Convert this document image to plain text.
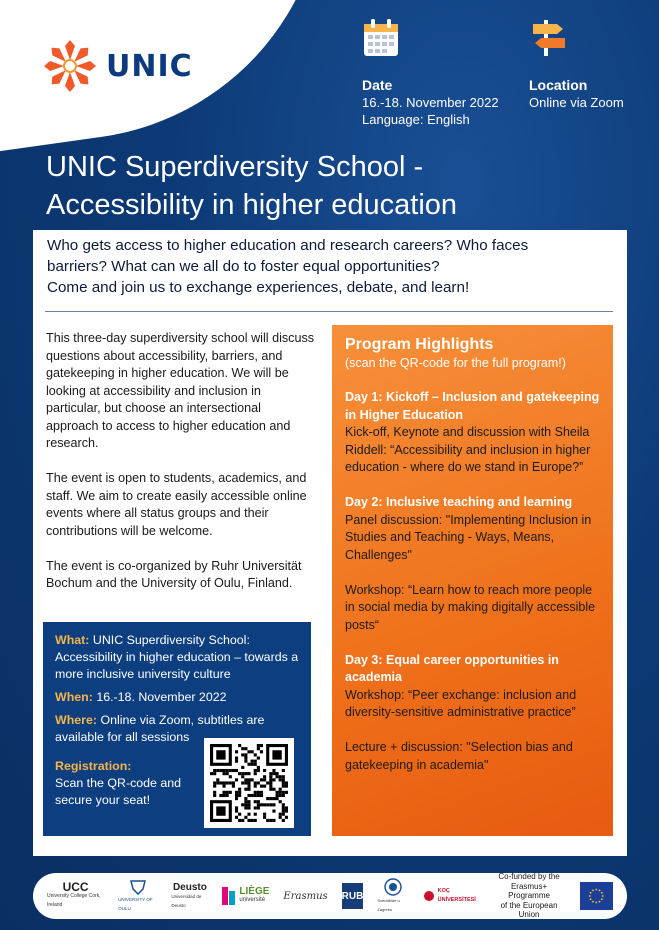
UNIC
Date
16.-18. November 2022
Language: English
Location
Online via Zoom
UNIC Superdiversity School -
Accessibility in higher education
Who gets access to higher education and research careers? Who faces
barriers? What can we all do to foster equal opportunities?
Come and join us to exchange experiences, debate, and learn!

This three-day superdiversity school will discuss questions about accessibility, barriers, and gatekeeping in higher education. We will be looking at accessibility and inclusion in particular, but choose an intersectional approach to access to higher education and research.

The event is open to students, academics, and staff. We aim to create easily accessible online events where all status groups and their contributions will be welcome.

The event is co-organized by Ruhr Universität Bochum and the University of Oulu, Finland.

What: UNIC Superdiversity School: Accessibility in higher education – towards a more inclusive university culture
When: 16.-18. November 2022
Where: Online via Zoom, subtitles are available for all sessions
Registration:
Scan the QR-code and secure your seat!
Program Highlights
(scan the QR-code for the full program!)
Day 1: Kickoff – Inclusion and gatekeeping in Higher Education
Kick-off, Keynote and discussion with Sheila Riddell: “Accessibility and inclusion in higher education - where do we stand in Europe?”
Day 2: Inclusive teaching and learning
Panel discussion: "Implementing Inclusion in Studies and Teaching - Ways, Means, Challenges"
Workshop: “Learn how to reach more people in social media by making digitally accessible posts“
Day 3: Equal career opportunities in academia
Workshop: “Peer exchange: inclusion and diversity-sensitive administrative practice”
Lecture + discussion: "Selection bias and gatekeeping in academia"
UCC
University College Cork, Ireland
UNIVERSITY OF OULU
Deusto
Universidad de Deusto
LIÈGE
université	Erasmus RUB	Sveučilište u Zagrebu
KOÇ ÜNİVERSİTESİ
Co-funded by the
Erasmus+ Programme
of the European Union
